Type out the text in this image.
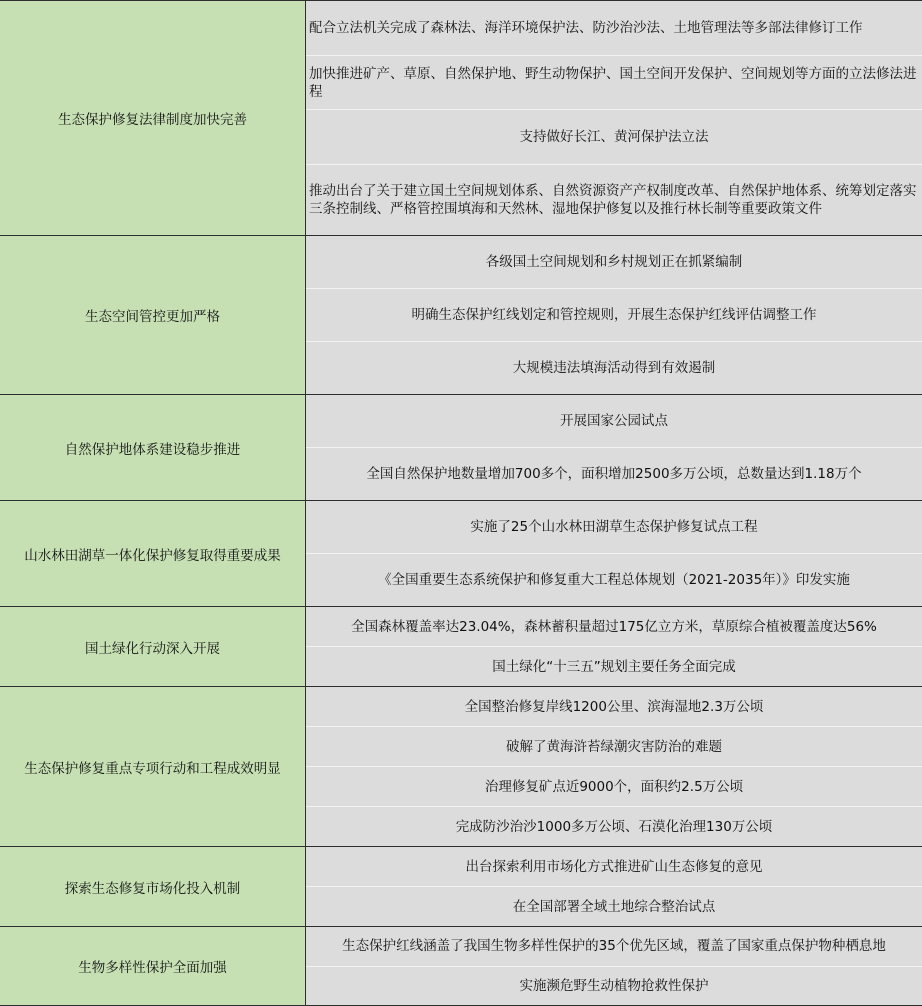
生态保护修复法律制度加快完善
配合立法机关完成了森林法、海洋环境保护法、防沙治沙法、土地管理法等多部法律修订工作
加快推进矿产、草原、自然保护地、野生动物保护、国土空间开发保护、空间规划等方面的立法修法进程
支持做好长江、黄河保护法立法
推动出台了关于建立国土空间规划体系、自然资源资产产权制度改革、自然保护地体系、统筹划定落实三条控制线、严格管控围填海和天然林、湿地保护修复以及推行林长制等重要政策文件
生态空间管控更加严格
各级国土空间规划和乡村规划正在抓紧编制
明确生态保护红线划定和管控规则，开展生态保护红线评估调整工作
大规模违法填海活动得到有效遏制
自然保护地体系建设稳步推进
开展国家公园试点
全国自然保护地数量增加700多个，面积增加2500多万公顷，总数量达到1.18万个
山水林田湖草一体化保护修复取得重要成果
实施了25个山水林田湖草生态保护修复试点工程
《全国重要生态系统保护和修复重大工程总体规划（2021-2035年）》印发实施
国土绿化行动深入开展
全国森林覆盖率达23.04%，森林蓄积量超过175亿立方米，草原综合植被覆盖度达56%
国土绿化“十三五”规划主要任务全面完成
生态保护修复重点专项行动和工程成效明显
全国整治修复岸线1200公里、滨海湿地2.3万公顷
破解了黄海浒苔绿潮灾害防治的难题
治理修复矿点近9000个，面积约2.5万公顷
完成防沙治沙1000多万公顷、石漠化治理130万公顷
探索生态修复市场化投入机制
出台探索利用市场化方式推进矿山生态修复的意见
在全国部署全域土地综合整治试点
生物多样性保护全面加强
生态保护红线涵盖了我国生物多样性保护的35个优先区域，覆盖了国家重点保护物种栖息地
实施濒危野生动植物抢救性保护
